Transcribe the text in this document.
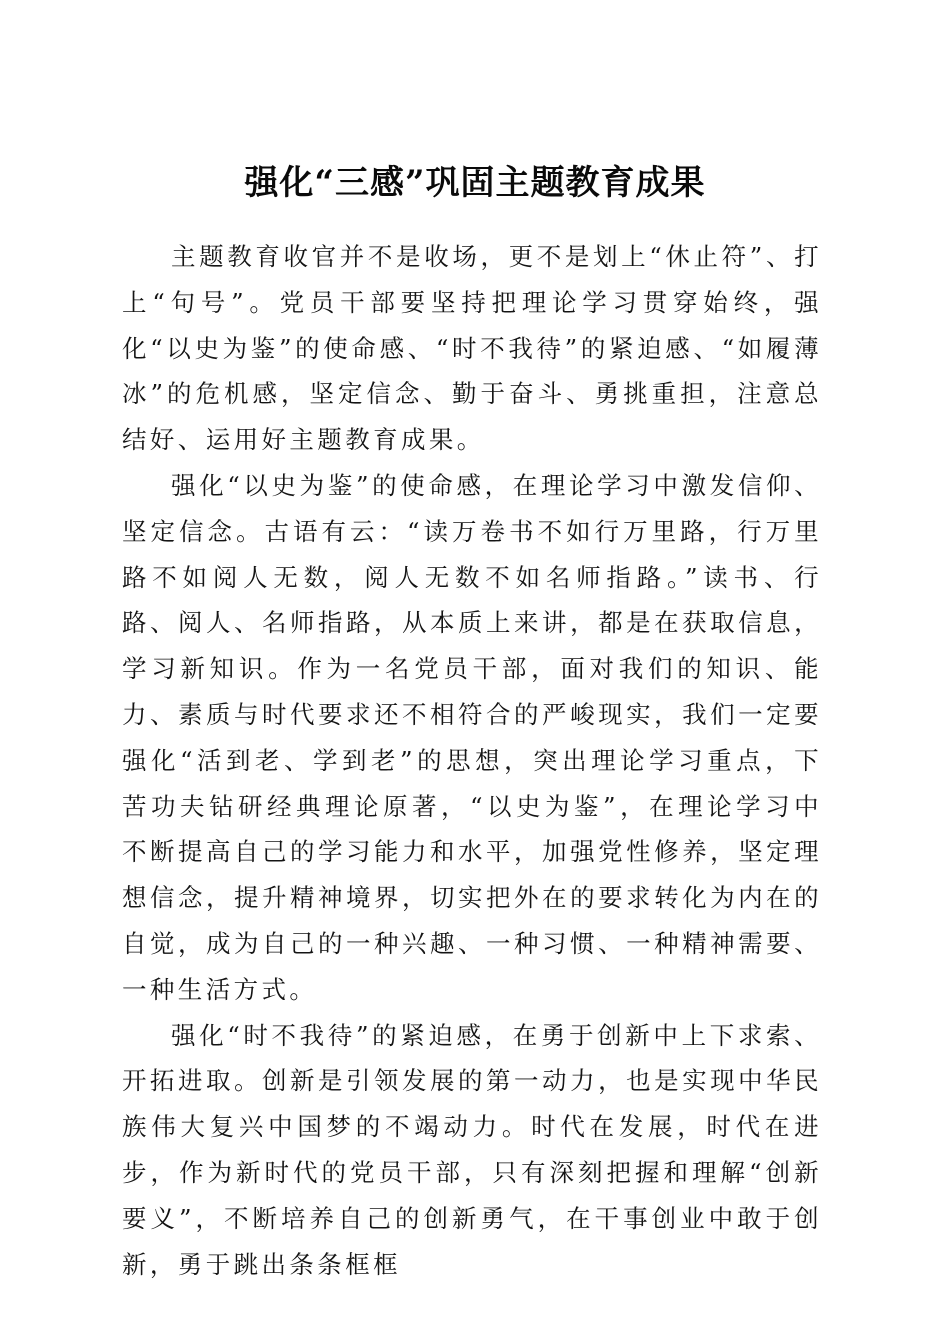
强化“三感”巩固主题教育成果

主题教育收官并不是收场，更不是划上“休止符”、打上“句号”。党员干部要坚持把理论学习贯穿始终，强化“以史为鉴”的使命感、“时不我待”的紧迫感、“如履薄冰”的危机感，坚定信念、勤于奋斗、勇挑重担，注意总结好、运用好主题教育成果。

强化“以史为鉴”的使命感，在理论学习中激发信仰、坚定信念。古语有云：“读万卷书不如行万里路，行万里路不如阅人无数，阅人无数不如名师指路。”读书、行路、阅人、名师指路，从本质上来讲，都是在获取信息，学习新知识。作为一名党员干部，面对我们的知识、能力、素质与时代要求还不相符合的严峻现实，我们一定要强化“活到老、学到老”的思想，突出理论学习重点，下苦功夫钻研经典理论原著，“以史为鉴”，在理论学习中不断提高自己的学习能力和水平，加强党性修养，坚定理想信念，提升精神境界，切实把外在的要求转化为内在的自觉，成为自己的一种兴趣、一种习惯、一种精神需要、一种生活方式。

强化“时不我待”的紧迫感，在勇于创新中上下求索、开拓进取。创新是引领发展的第一动力，也是实现中华民族伟大复兴中国梦的不竭动力。时代在发展，时代在进步，作为新时代的党员干部，只有深刻把握和理解“创新要义”，不断培养自己的创新勇气，在干事创业中敢于创新，勇于跳出条条框框
